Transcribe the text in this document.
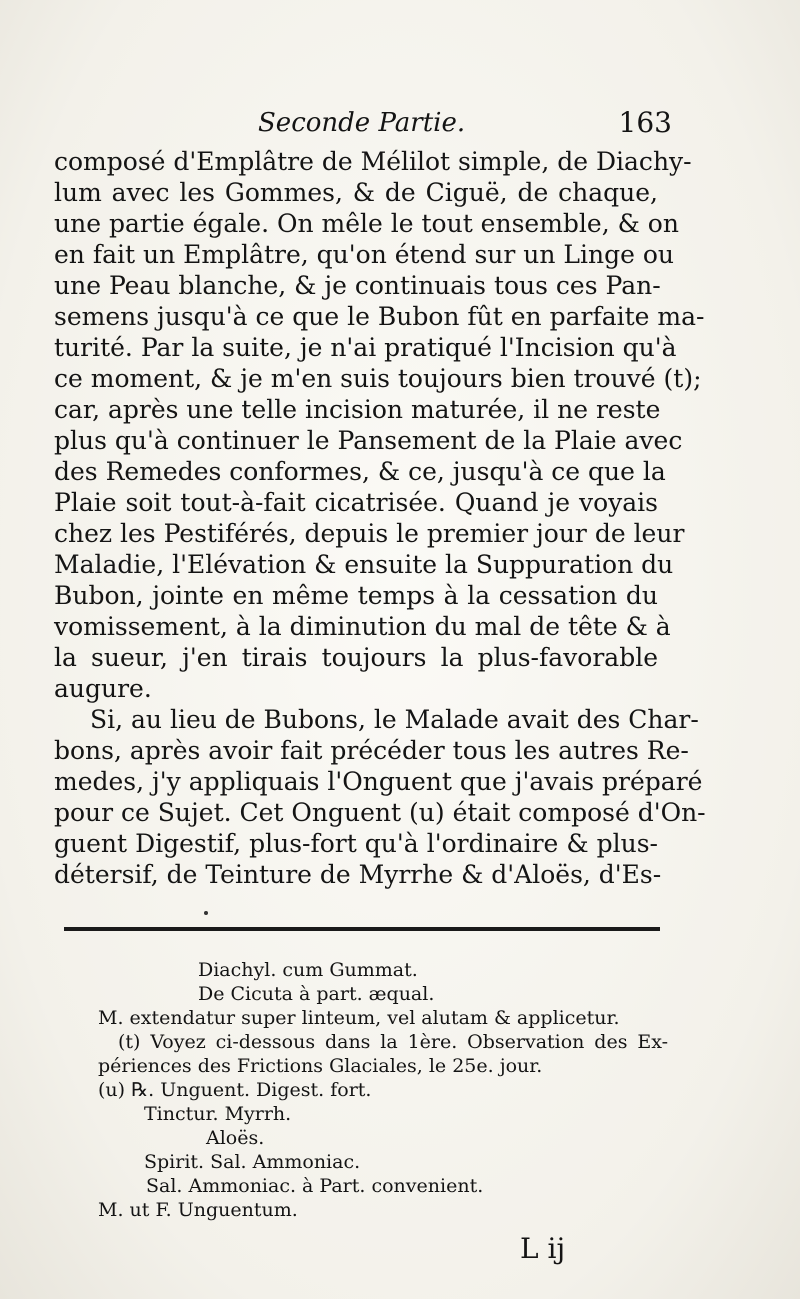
Seconde Partie.	163
composé d'Emplâtre de Mélilot simple, de Diachy-
lum avec les Gommes, & de Ciguë, de chaque,
une partie égale. On mêle le tout ensemble, & on
en fait un Emplâtre, qu'on étend sur un Linge ou
une Peau blanche, & je continuais tous ces Pan-
semens jusqu'à ce que le Bubon fût en parfaite ma-
turité. Par la suite, je n'ai pratiqué l'Incision qu'à
ce moment, & je m'en suis toujours bien trouvé (t);
car, après une telle incision maturée, il ne reste
plus qu'à continuer le Pansement de la Plaie avec
des Remedes conformes, & ce, jusqu'à ce que la
Plaie soit tout-à-fait cicatrisée. Quand je voyais
chez les Pestiférés, depuis le premier jour de leur
Maladie, l'Elévation & ensuite la Suppuration du
Bubon, jointe en même temps à la cessation du
vomissement, à la diminution du mal de tête & à
la sueur, j'en tirais toujours la plus-favorable
augure.
Si, au lieu de Bubons, le Malade avait des Char-
bons, après avoir fait précéder tous les autres Re-
medes, j'y appliquais l'Onguent que j'avais préparé
pour ce Sujet. Cet Onguent (u) était composé d'On-
guent Digestif, plus-fort qu'à l'ordinaire & plus-
détersif, de Teinture de Myrrhe & d'Aloës, d'Es-
Diachyl. cum Gummat.
De Cicuta à part. æqual.
M. extendatur super linteum, vel alutam & applicetur.
(t) Voyez ci-dessous dans la 1ère. Observation des Ex-
périences des Frictions Glaciales, le 25e. jour.
(u) ℞. Unguent. Digest. fort.
Tinctur. Myrrh.
Aloës.
Spirit. Sal. Ammoniac.
Sal. Ammoniac. à Part. convenient.
M. ut F. Unguentum.
L ij
